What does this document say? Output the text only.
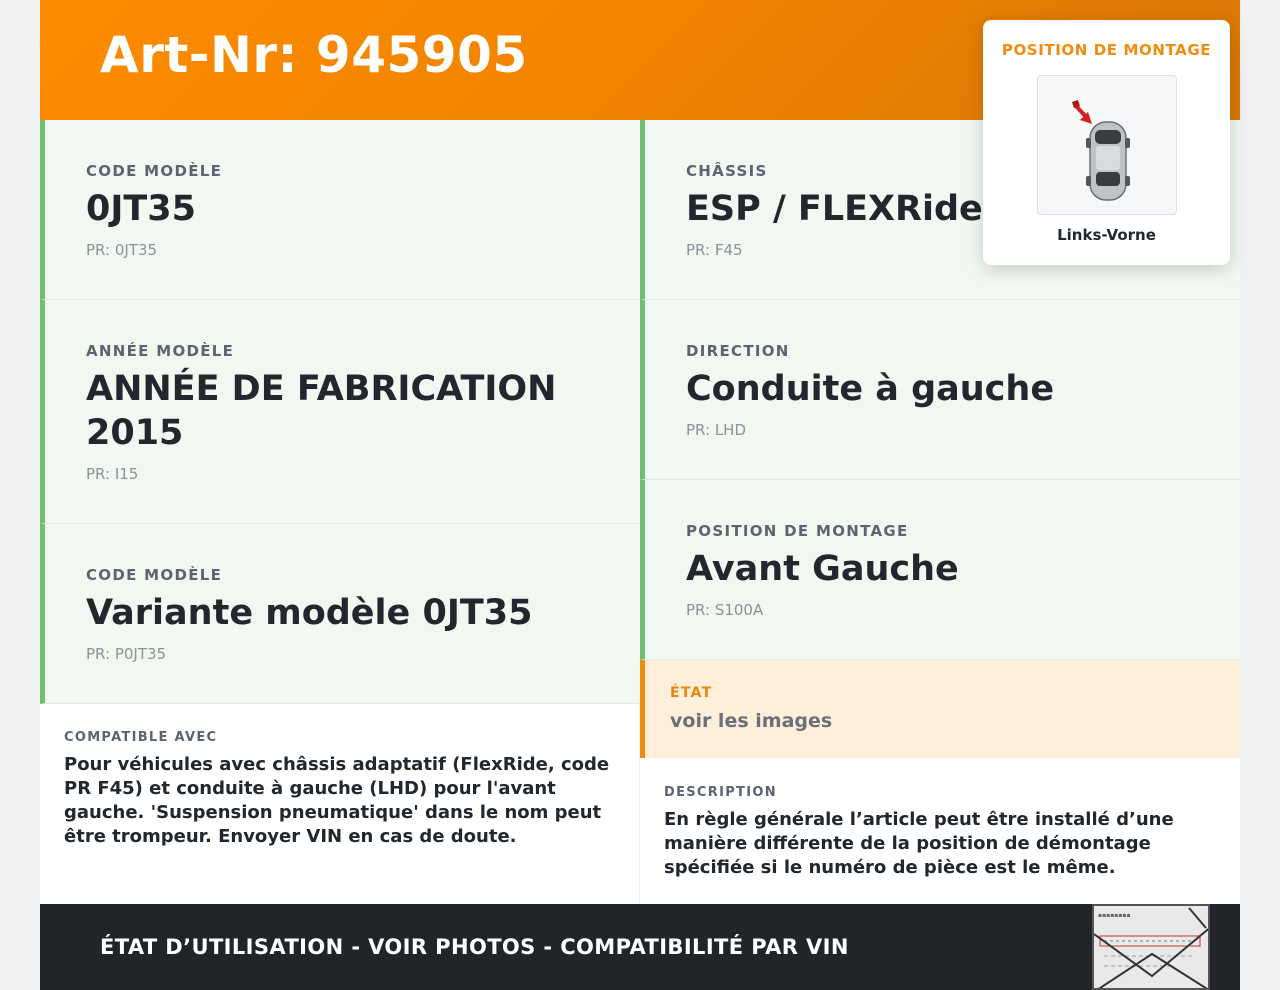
Art-Nr: 945905
CODE MODÈLE
0JT35
PR: 0JT35
ANNÉE MODÈLE
ANNÉE DE FABRICATION 2015
PR: I15
CODE MODÈLE
Variante modèle 0JT35
PR: P0JT35
CHÂSSIS
ESP / FLEXRide
PR: F45
DIRECTION
Conduite à gauche
PR: LHD
POSITION DE MONTAGE
Avant Gauche
PR: S100A
ÉTAT
voir les images
COMPATIBLE AVEC
Pour véhicules avec châssis adaptatif (FlexRide, code PR F45) et conduite à gauche (LHD) pour l'avant gauche. 'Suspension pneumatique' dans le nom peut être trompeur. Envoyer VIN en cas de doute.
DESCRIPTION
En règle générale l’article peut être installé d’une manière différente de la position de démontage spécifiée si le numéro de pièce est le même.
ÉTAT D’UTILISATION - VOIR PHOTOS - COMPATIBILITÉ PAR VIN
▪▪▪▪▪▪▪▪
POSITION DE MONTAGE
Links-Vorne
